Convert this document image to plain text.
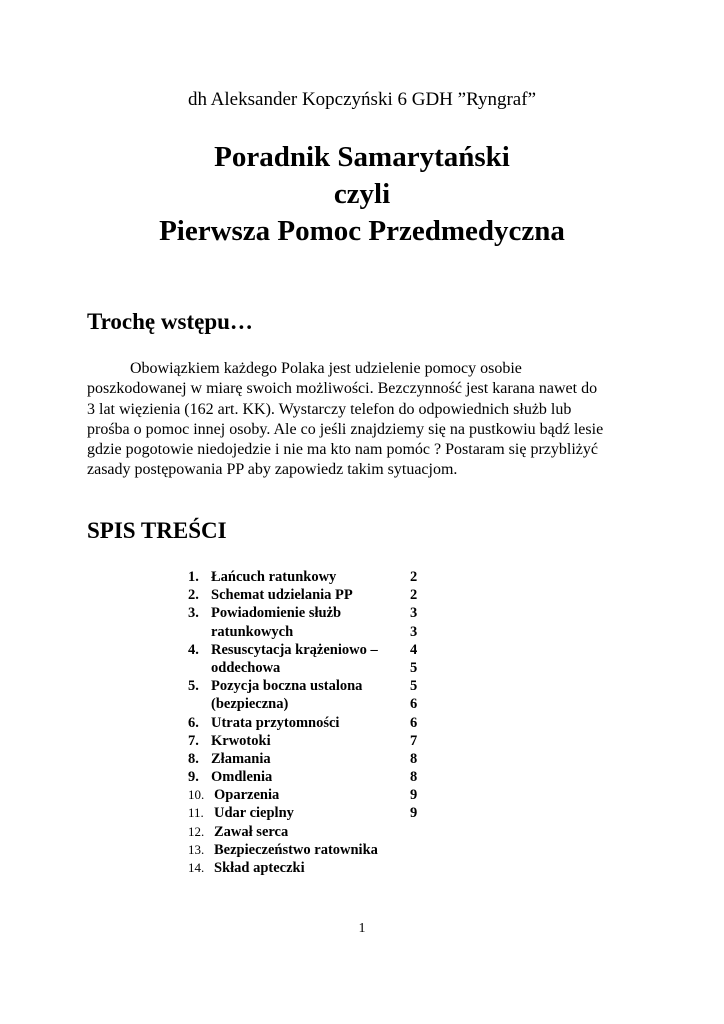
dh Aleksander Kopczyński 6 GDH ”Ryngraf”
Poradnik Samarytański
czyli
Pierwsza Pomoc Przedmedyczna
Trochę wstępu…
Obowiązkiem każdego Polaka jest udzielenie pomocy osobie
poszkodowanej w miarę swoich możliwości. Bezczynność jest karana nawet do
3 lat więzienia (162 art. KK). Wystarczy telefon do odpowiednich służb lub
prośba o pomoc innej osoby. Ale co jeśli znajdziemy się na pustkowiu bądź lesie
gdzie pogotowie niedojedzie i nie ma kto nam pomóc ? Postaram się przybliżyć
zasady postępowania PP aby zapowiedz takim sytuacjom.
SPIS TREŚCI
1. Łańcuch ratunkowy	2
2. Schemat udzielania PP	2
3. Powiadomienie służb	3
ratunkowych	3
4. Resuscytacja krążeniowo – 4
oddechowa	5
5. Pozycja boczna ustalona	5
(bezpieczna)	6
6. Utrata przytomności	6
7. Krwotoki	7
8. Złamania	8
9. Omdlenia	8
10. Oparzenia	9
11. Udar cieplny	9
12. Zawał serca
13. Bezpieczeństwo ratownika
14. Skład apteczki
1
